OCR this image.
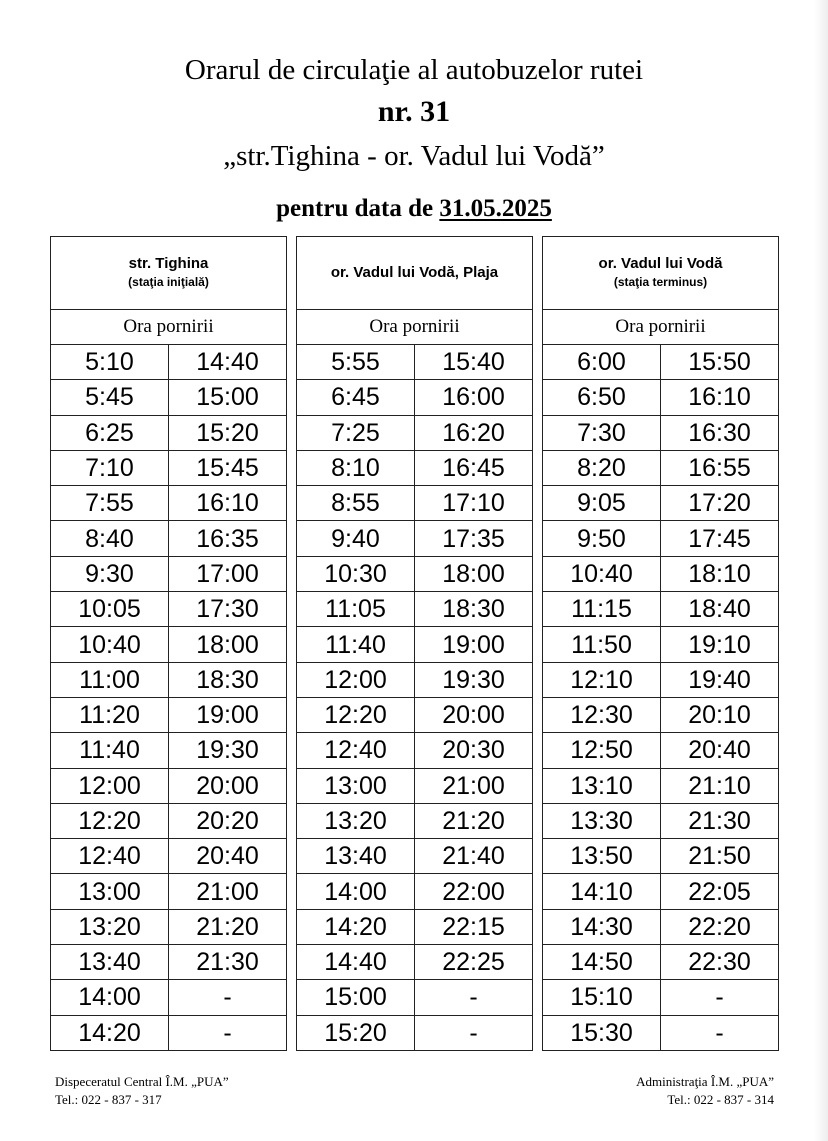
Orarul de circulaţie al autobuzelor rutei
nr. 31
„str.Tighina - or. Vadul lui Vodă”
pentru data de 31.05.2025
str. Tighina
(staţia iniţială)	

Ora pornirii	
5:10	14:40
5:45	15:00
6:25	15:20
7:10	15:45
7:55	16:10
8:40	16:35
9:30	17:00
10:05	17:30
10:40	18:00
11:00	18:30
11:20	19:00
11:40	19:30
12:00	20:00
12:20	20:20
12:40	20:40
13:00	21:00
13:20	21:20
13:40	21:30
14:00	-
14:20	-
or. Vadul lui Vodă, Plaja	
Ora pornirii	
5:55	15:40
6:45	16:00
7:25	16:20
8:10	16:45
8:55	17:10
9:40	17:35
10:30	18:00
11:05	18:30
11:40	19:00
12:00	19:30
12:20	20:00
12:40	20:30
13:00	21:00
13:20	21:20
13:40	21:40
14:00	22:00
14:20	22:15
14:40	22:25
15:00	-
15:20	-
or. Vadul lui Vodă
(staţia terminus)	

Ora pornirii	
6:00	15:50
6:50	16:10
7:30	16:30
8:20	16:55
9:05	17:20
9:50	17:45
10:40	18:10
11:15	18:40
11:50	19:10
12:10	19:40
12:30	20:10
12:50	20:40
13:10	21:10
13:30	21:30
13:50	21:50
14:10	22:05
14:30	22:20
14:50	22:30
15:10	-
15:30	-
Dispeceratul Central Î.M. „PUA”
Tel.: 022 - 837 - 317
Administraţia Î.M. „PUA”
Tel.: 022 - 837 - 314
